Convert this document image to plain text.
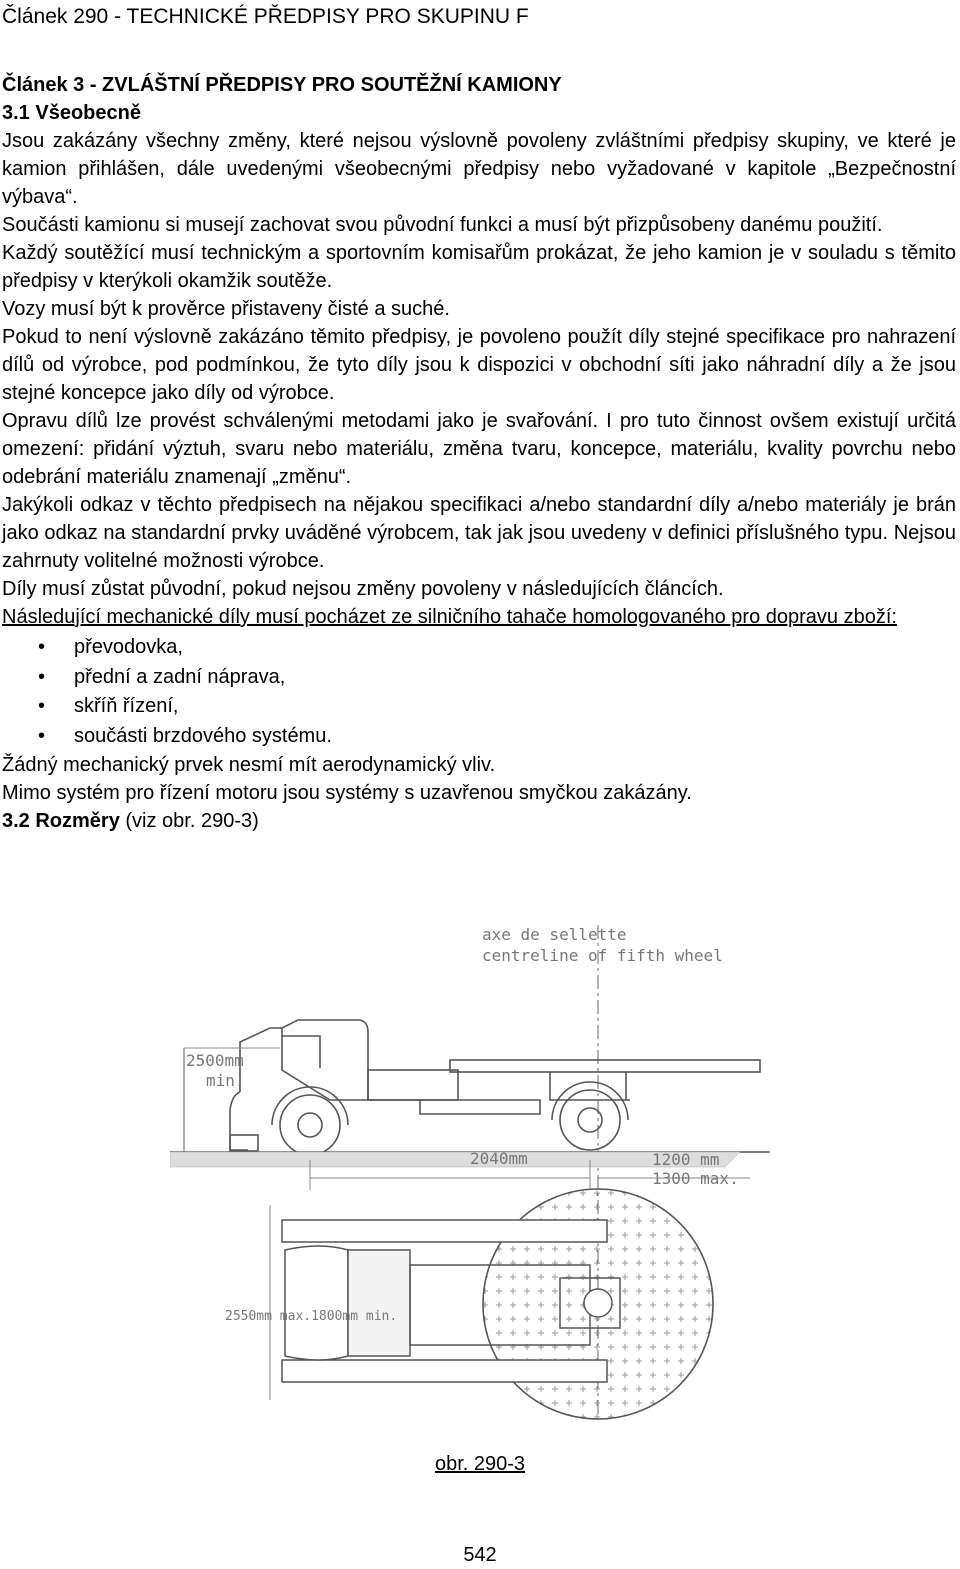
Článek 290 - TECHNICKÉ PŘEDPISY PRO SKUPINU F

Článek 3 - ZVLÁŠTNÍ PŘEDPISY PRO SOUTĚŽNÍ KAMIONY

3.1 Všeobecně

Jsou zakázány všechny změny, které nejsou výslovně povoleny zvláštními předpisy skupiny, ve které je kamion přihlášen, dále uvedenými všeobecnými předpisy nebo vyžadované v kapitole „Bezpečnostní výbava“.

Součásti kamionu si musejí zachovat svou původní funkci a musí být přizpůsobeny danému použití.

Každý soutěžící musí technickým a sportovním komisařům prokázat, že jeho kamion je v souladu s těmito předpisy v kterýkoli okamžik soutěže.

Vozy musí být k prověrce přistaveny čisté a suché.

Pokud to není výslovně zakázáno těmito předpisy, je povoleno použít díly stejné specifikace pro nahrazení dílů od výrobce, pod podmínkou, že tyto díly jsou k dispozici v obchodní síti jako náhradní díly a že jsou stejné koncepce jako díly od výrobce.

Opravu dílů lze provést schválenými metodami jako je svařování. I pro tuto činnost ovšem existují určitá omezení: přidání výztuh, svaru nebo materiálu, změna tvaru, koncepce, materiálu, kvality povrchu nebo odebrání materiálu znamenají „změnu“.

Jakýkoli odkaz v těchto předpisech na nějakou specifikaci a/nebo standardní díly a/nebo materiály je brán jako odkaz na standardní prvky uváděné výrobcem, tak jak jsou uvedeny v definici příslušného typu. Nejsou zahrnuty volitelné možnosti výrobce.

Díly musí zůstat původní, pokud nejsou změny povoleny v následujících článcích.

Následující mechanické díly musí pocházet ze silničního tahače homologovaného pro dopravu zboží:

• převodovka,
• přední a zadní náprava,
• skříň řízení,
• součásti brzdového systému.

Žádný mechanický prvek nesmí mít aerodynamický vliv.

Mimo systém pro řízení motoru jsou systémy s uzavřenou smyčkou zakázány.

3.2 Rozměry (viz obr. 290-3)

axe de sellette
centreline of fifth wheel
2500mm
min.
2040mm	1200 mm
1300 max.
2550mm max.1800mm min.
obr. 290-3
542
